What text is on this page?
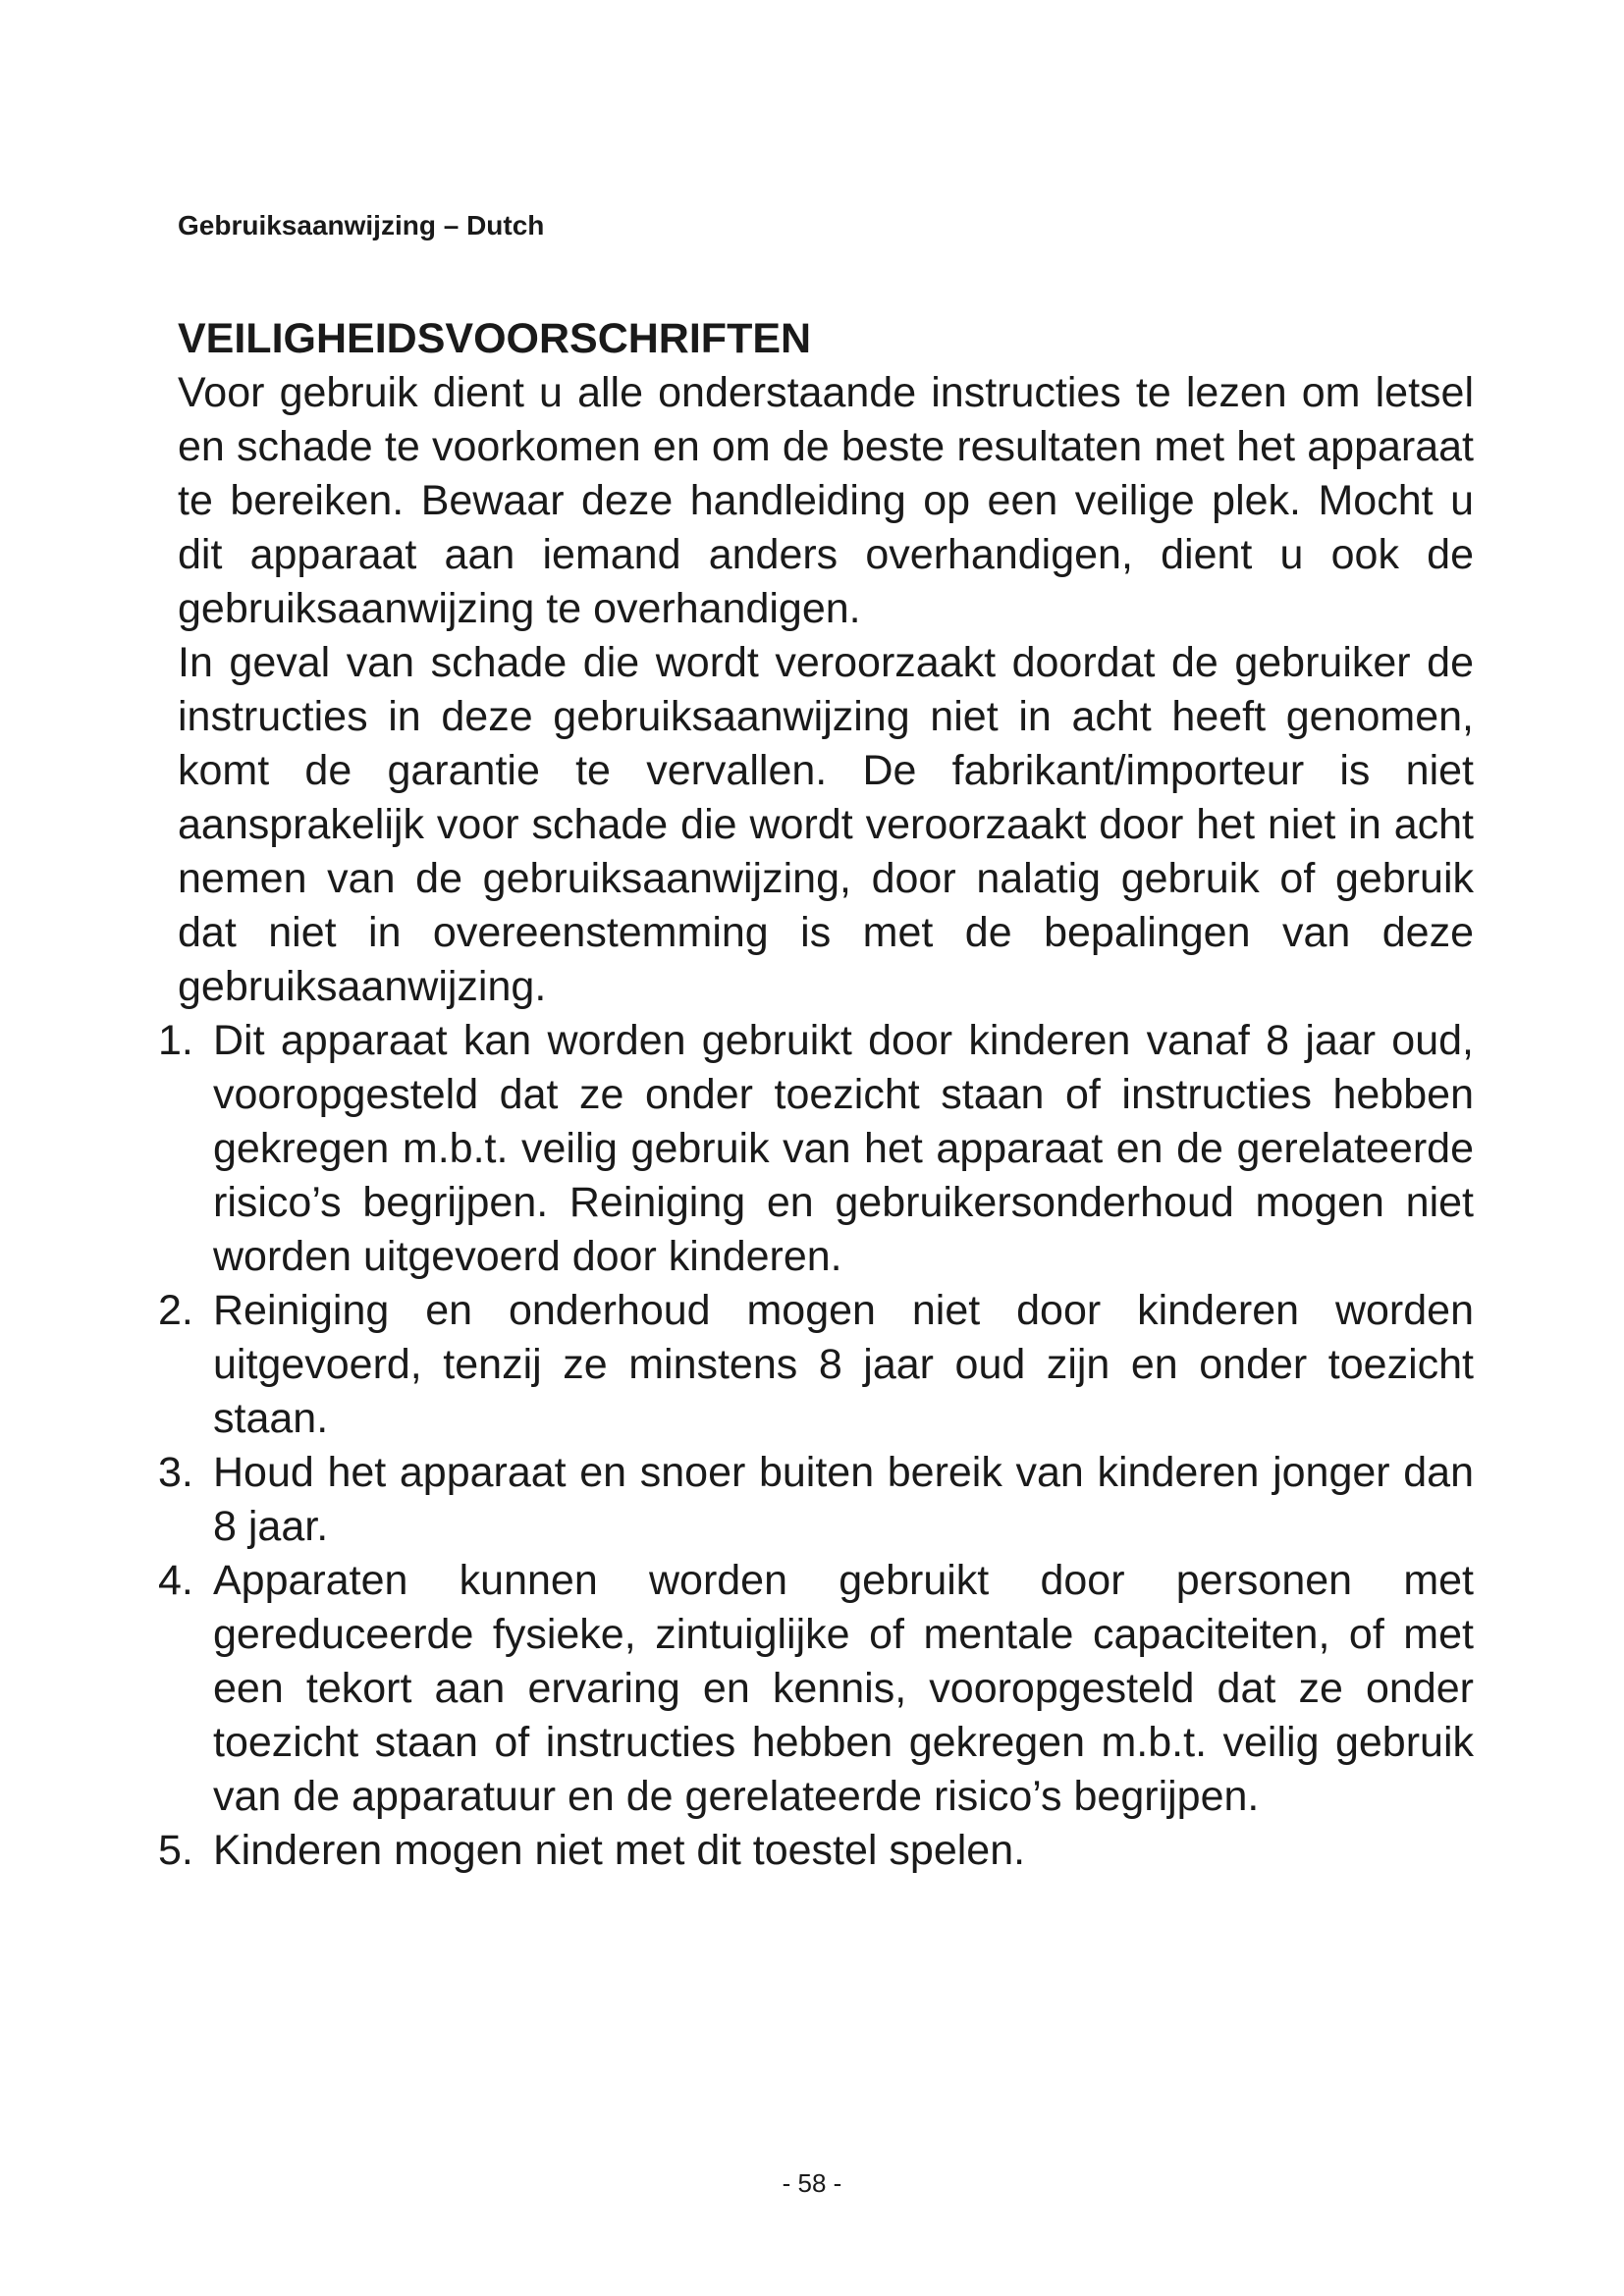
Gebruiksaanwijzing – Dutch
VEILIGHEIDSVOORSCHRIFTEN

Voor gebruik dient u alle onderstaande instructies te lezen om letsel en schade te voorkomen en om de beste resultaten met het apparaat te bereiken. Bewaar deze handleiding op een veilige plek. Mocht u dit apparaat aan iemand anders overhandigen, dient u ook de gebruiksaanwijzing te overhandigen.

In geval van schade die wordt veroorzaakt doordat de gebruiker de instructies in deze gebruiksaanwijzing niet in acht heeft genomen, komt de garantie te vervallen. De fabrikant/importeur is niet aansprakelijk voor schade die wordt veroorzaakt door het niet in acht nemen van de gebruiksaanwijzing, door nalatig gebruik of gebruik dat niet in overeenstemming is met de bepalingen van deze gebruiksaanwijzing.

1. Dit apparaat kan worden gebruikt door kinderen vanaf 8 jaar oud, vooropgesteld dat ze onder toezicht staan of instructies hebben gekregen m.b.t. veilig gebruik van het apparaat en de gerelateerde risico’s begrijpen. Reiniging en gebruikersonderhoud mogen niet worden uitgevoerd door kinderen.
2. Reiniging en onderhoud mogen niet door kinderen worden uitgevoerd, tenzij ze minstens 8 jaar oud zijn en onder toezicht staan.
3. Houd het apparaat en snoer buiten bereik van kinderen jonger dan 8 jaar.
4. Apparaten kunnen worden gebruikt door personen met gereduceerde fysieke, zintuiglijke of mentale capaciteiten, of met een tekort aan ervaring en kennis, vooropgesteld dat ze onder toezicht staan of instructies hebben gekregen m.b.t. veilig gebruik van de apparatuur en de gerelateerde risico’s begrijpen.
5. Kinderen mogen niet met dit toestel spelen.
- 58 -
